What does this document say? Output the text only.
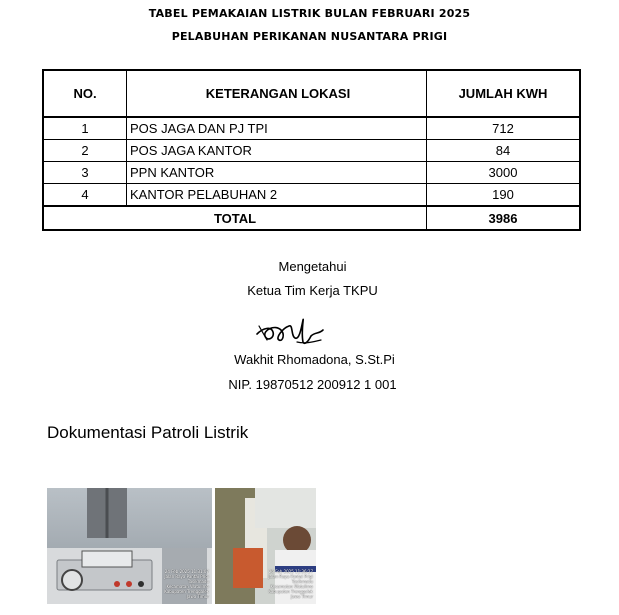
TABEL PEMAKAIAN LISTRIK BULAN FEBRUARI 2025
PELABUHAN PERIKANAN NUSANTARA PRIGI
NO.	KETERANGAN LOKASI	JUMLAH KWH
1	POS JAGA DAN PJ TPI	712
2	POS JAGA KANTOR	84
3	PPN KANTOR	3000
4	KANTOR PELABUHAN 2	190
TOTAL		3986
Mengetahui
Ketua Tim Kerja TKPU
Wakhit Rhomadona, S.St.Pi
NIP. 19870512 200912 1 001
Dokumentasi Patroli Listrik
24 Feb 2025 11:31:07
Jalan Raya Pantai Prigi
Tasikmadu
Kecamatan Watulimo
Kabupaten Trenggalek
Jawa Timur
26 Feb 2025 11:36:27
Jalan Raya Pantai Prigi
Tasikmadu
Kecamatan Watulimo
Kabupaten Trenggalek
Jawa Timur
